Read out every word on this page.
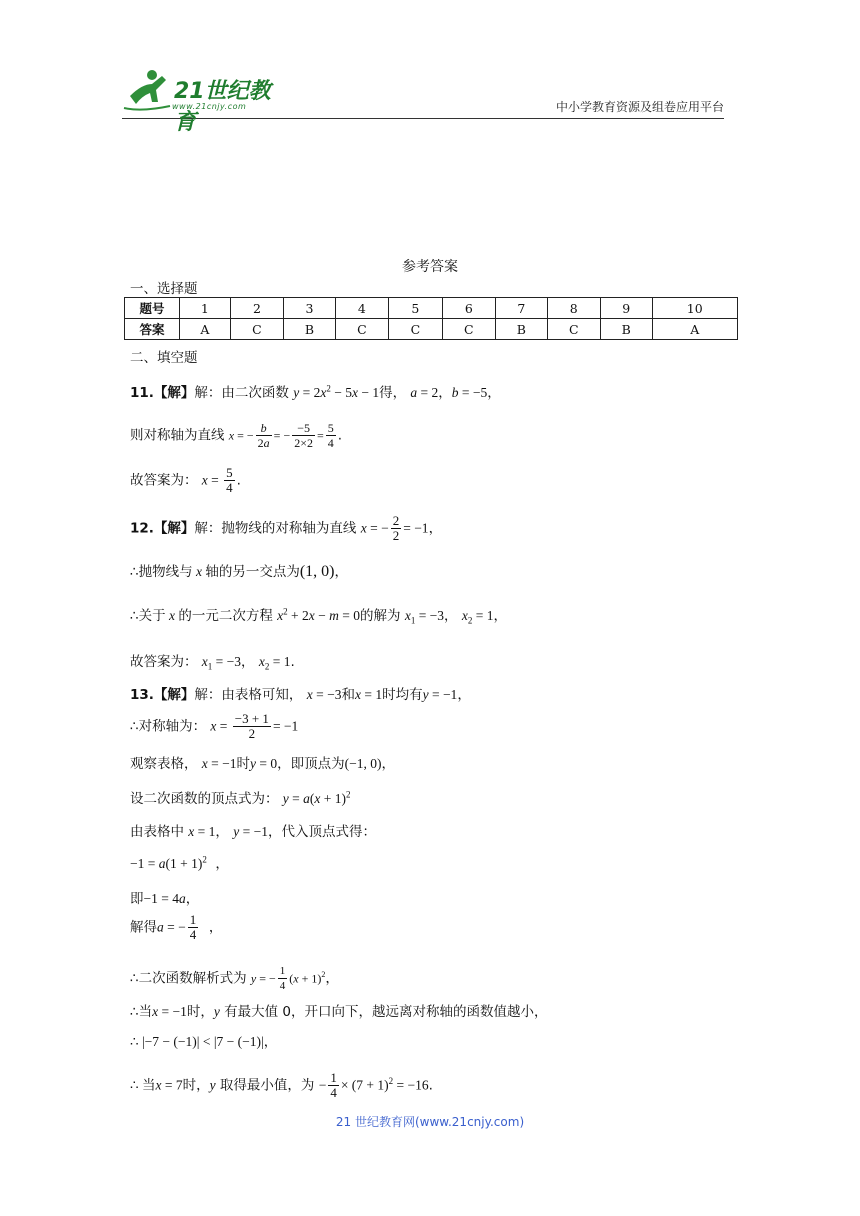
21世纪教育
www.21cnjy.com	中小学教育资源及组卷应用平台
参考答案
一、选择题
题号	1	2	3	4	5	6	7	8	9	10
答案	A	C	B	C	C	C	B	C	B	A
二、填空题
11.【解】解：由二次函数 $y = 2x^2 - 5x - 1$得， a = 2，b = −5，
则对称轴为直线 x = − $\frac{b}{2a}$ = − $\frac{-5}{2\times 2} = \frac{5}{4}$ .
故答案为： $x = \frac{5}{4}$ .
12.【解】解：抛物线的对称轴为直线 x = − $\frac{2}{2} = -1$，
∴抛物线与 x 轴的另一交点为(1, 0)，
∴关于 x 的一元二次方程 $x^2 + 2x - m = 0$的解为 $x_1 = -3$， $x_2 = 1$，
故答案为： $x_1 = -3$， $x_2 = 1$.
13.【解】解：由表格可知， x = −3和x = 1时均有y = −1，
∴对称轴为： $x = \frac{-3 + 1}{2} = -1$
观察表格， x = −1时y = 0，即顶点为(−1, 0)，
设二次函数的顶点式为： $y = a(x + 1)^2$
由表格中 x = 1， y = −1，代入顶点式得：
$-1 = a(1 + 1)^2$  ，
即−1 = 4a，
解得a = − $\frac{1}{4}$ ，
∴二次函数解析式为 y = − $\frac{1}{4} (x + 1)^2$，
∴当x = −1时，y 有最大值 0，开口向下，越远离对称轴的函数值越小，
∴ |−7 − (−1)| < |7 − (−1)|，
∴ 当x = 7时，y 取得最小值，为 − $\frac{1}{4} \times (7 + 1)^2 = -16$.
21 世纪教育网(www.21cnjy.com)
